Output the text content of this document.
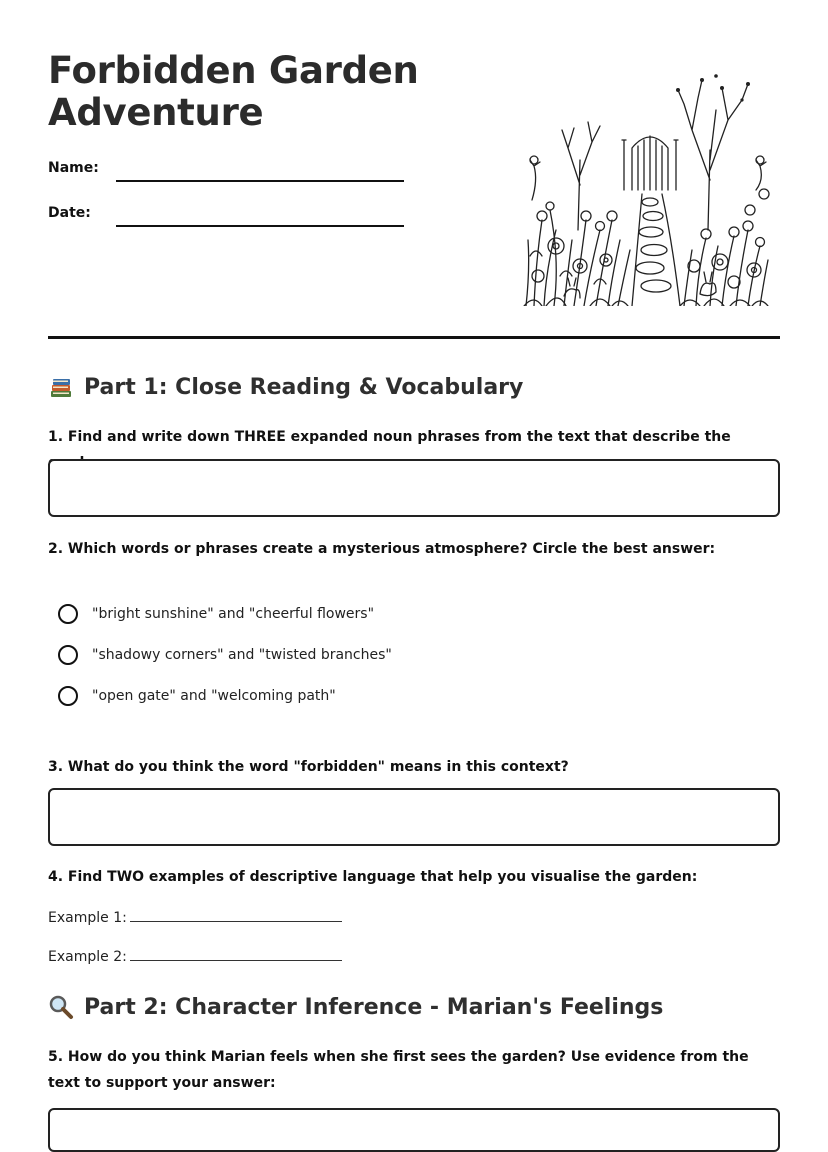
Forbidden Garden
Adventure
Name:
Date:
Part 1: Close Reading & Vocabulary

1. Find and write down THREE expanded noun phrases from the text that describe the

2. Which words or phrases create a mysterious atmosphere? Circle the best answer:

"bright sunshine" and "cheerful flowers"
"shadowy corners" and "twisted branches"
"open gate" and "welcoming path"

3. What do you think the word "forbidden" means in this context?

4. Find TWO examples of descriptive language that help you visualise the garden:

Example 1:
Example 2:
Part 2: Character Inference - Marian's Feelings

5. How do you think Marian feels when she first sees the garden? Use evidence from the text to support your answer:
